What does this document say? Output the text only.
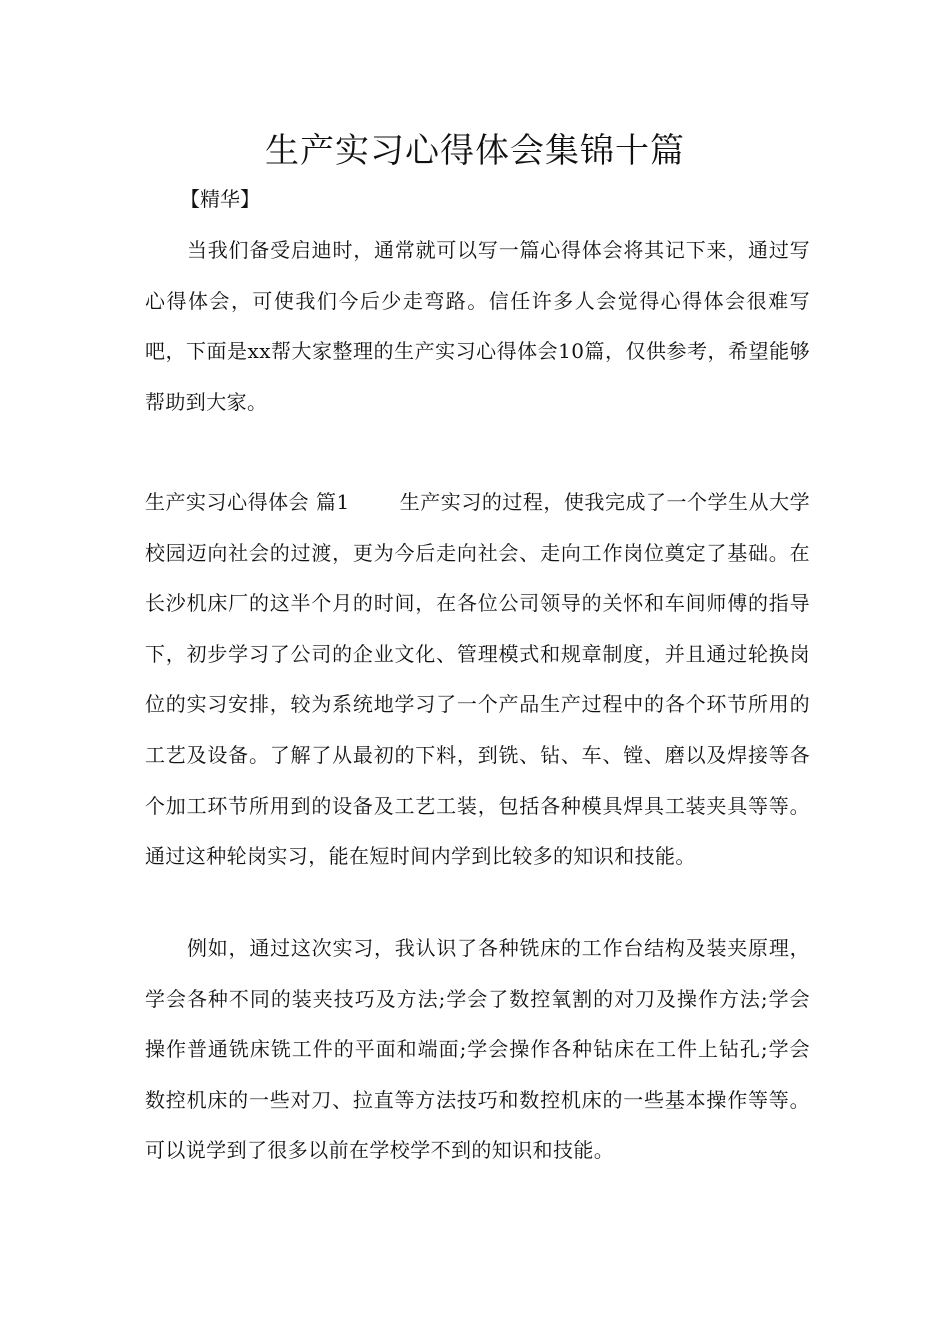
生产实习心得体会集锦十篇

【精华】

当我们备受启迪时，通常就可以写一篇心得体会将其记下来，通过写心得体会，可使我们今后少走弯路。信任许多人会觉得心得体会很难写吧，下面是xx帮大家整理的生产实习心得体会10篇，仅供参考，希望能够帮助到大家。

生产实习心得体会 篇1	生产实习的过程，使我完成了一个学生从大学校园迈向社会的过渡，更为今后走向社会、走向工作岗位奠定了基础。在长沙机床厂的这半个月的时间，在各位公司领导的关怀和车间师傅的指导下，初步学习了公司的企业文化、管理模式和规章制度，并且通过轮换岗位的实习安排，较为系统地学习了一个产品生产过程中的各个环节所用的工艺及设备。了解了从最初的下料，到铣、钻、车、镗、磨以及焊接等各个加工环节所用到的设备及工艺工装，包括各种模具焊具工装夹具等等。通过这种轮岗实习，能在短时间内学到比较多的知识和技能。

例如，通过这次实习，我认识了各种铣床的工作台结构及装夹原理，学会各种不同的装夹技巧及方法;学会了数控氧割的对刀及操作方法;学会操作普通铣床铣工件的平面和端面;学会操作各种钻床在工件上钻孔;学会数控机床的一些对刀、拉直等方法技巧和数控机床的一些基本操作等等。可以说学到了很多以前在学校学不到的知识和技能。
